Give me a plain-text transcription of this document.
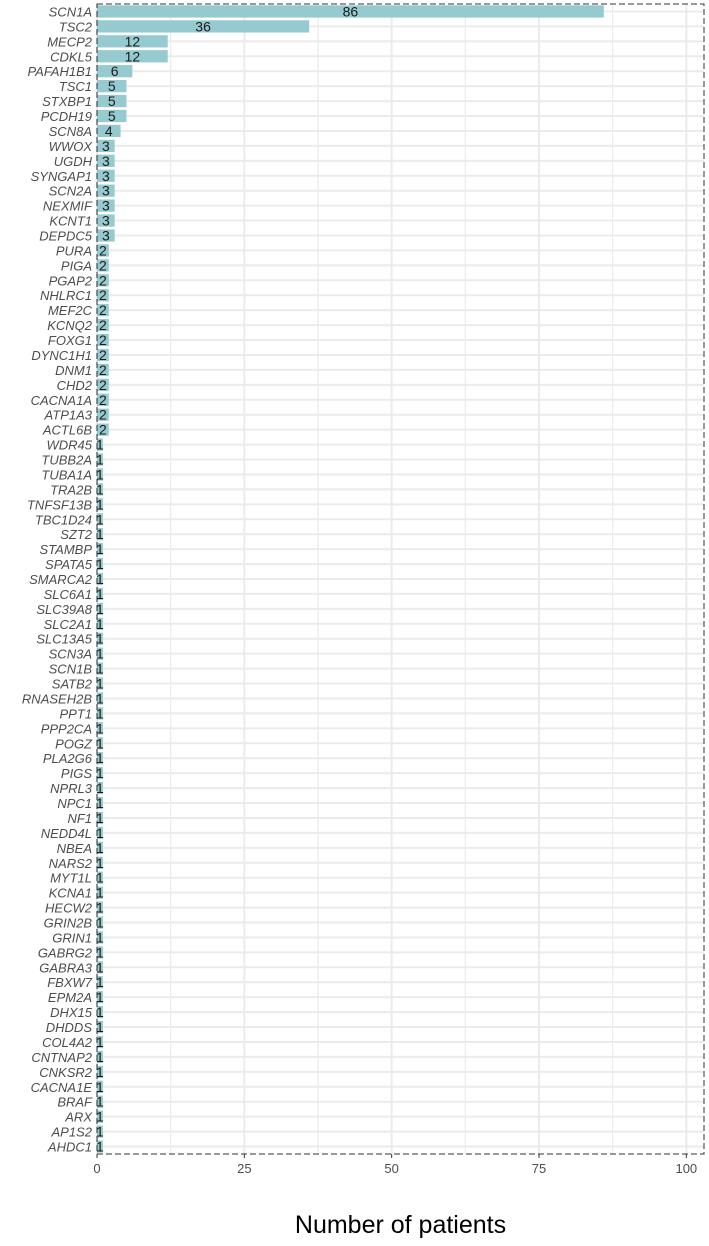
86
36
12
12
6
5
5
5
4
3
3
3
3
3
3
3
2
2
2
2
2
2
2
2
2
2
2
2
2
1
1
1
1
1
1
1
1
1
1
1
1
1
1
1
1
1
1
1
1
1
1
1
1
1
1
1
1
1
1
1
1
1
1
1
1
1
1
1
1
1
1
1
1
1
1
1
1
SCN1A
TSC2
MECP2
CDKL5
PAFAH1B1
TSC1
STXBP1
PCDH19
SCN8A
WWOX
UGDH
SYNGAP1
SCN2A
NEXMIF
KCNT1
DEPDC5
PURA
PIGA
PGAP2
NHLRC1
MEF2C
KCNQ2
FOXG1
DYNC1H1
DNM1
CHD2
CACNA1A
ATP1A3
ACTL6B
WDR45
TUBB2A
TUBA1A
TRA2B
TNFSF13B
TBC1D24
SZT2
STAMBP
SPATA5
SMARCA2
SLC6A1
SLC39A8
SLC2A1
SLC13A5
SCN3A
SCN1B
SATB2
RNASEH2B
PPT1
PPP2CA
POGZ
PLA2G6
PIGS
NPRL3
NPC1
NF1
NEDD4L
NBEA
NARS2
MYT1L
KCNA1
HECW2
GRIN2B
GRIN1
GABRG2
GABRA3
FBXW7
EPM2A
DHX15
DHDDS
COL4A2
CNTNAP2
CNKSR2
CACNA1E
BRAF
ARX
AP1S2
AHDC1
0	25	50	75	100
Number of patients
